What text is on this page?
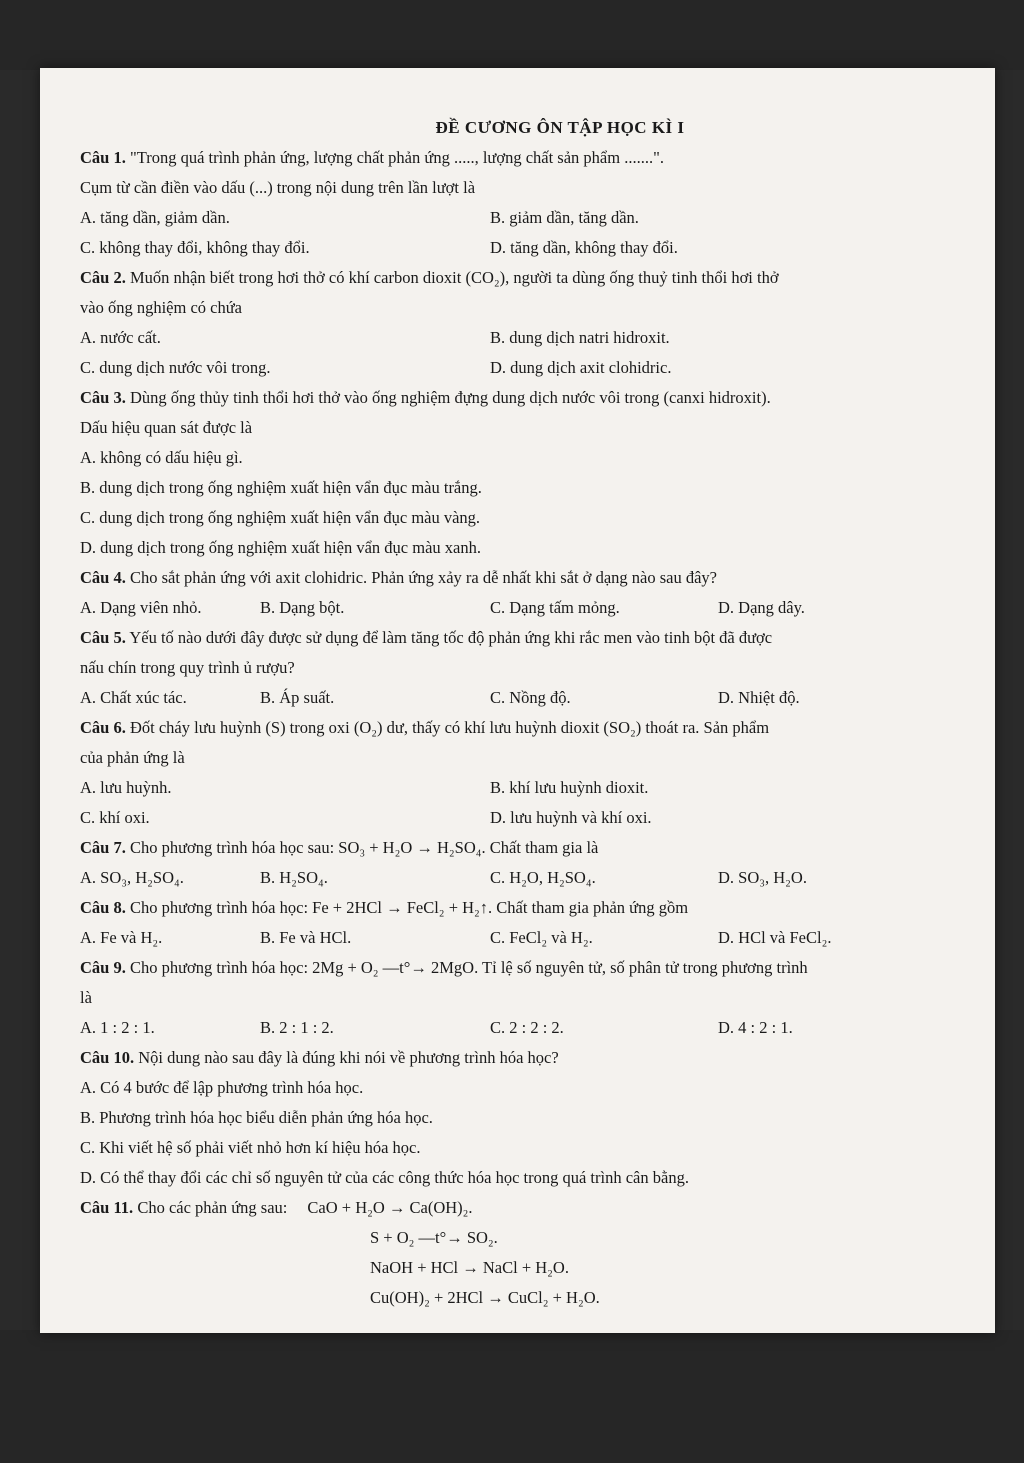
ĐỀ CƯƠNG ÔN TẬP HỌC KÌ I
Câu 1. "Trong quá trình phản ứng, lượng chất phản ứng ....., lượng chất sản phẩm .......".
Cụm từ cần điền vào dấu (...) trong nội dung trên lần lượt là
A. tăng dần, giảm dần.	B. giảm dần, tăng dần.
C. không thay đổi, không thay đổi.	D. tăng dần, không thay đổi.
Câu 2. Muốn nhận biết trong hơi thở có khí carbon dioxit (CO₂), người ta dùng ống thuỷ tinh thổi hơi thở
vào ống nghiệm có chứa
A. nước cất.	B. dung dịch natri hidroxit.
C. dung dịch nước vôi trong.	D. dung dịch axit clohidric.
Câu 3. Dùng ống thủy tinh thổi hơi thở vào ống nghiệm đựng dung dịch nước vôi trong (canxi hidroxit).
Dấu hiệu quan sát được là
A. không có dấu hiệu gì.
B. dung dịch trong ống nghiệm xuất hiện vẩn đục màu trắng.
C. dung dịch trong ống nghiệm xuất hiện vẩn đục màu vàng.
D. dung dịch trong ống nghiệm xuất hiện vẩn đục màu xanh.
Câu 4. Cho sắt phản ứng với axit clohidric. Phản ứng xảy ra dễ nhất khi sắt ở dạng nào sau đây?
A. Dạng viên nhỏ.	B. Dạng bột.	C. Dạng tấm mỏng.	D. Dạng dây.
Câu 5. Yếu tố nào dưới đây được sử dụng để làm tăng tốc độ phản ứng khi rắc men vào tinh bột đã được
nấu chín trong quy trình ủ rượu?
A. Chất xúc tác.	B. Áp suất.	C. Nồng độ.	D. Nhiệt độ.
Câu 6. Đốt cháy lưu huỳnh (S) trong oxi (O₂) dư, thấy có khí lưu huỳnh dioxit (SO₂) thoát ra. Sản phẩm
của phản ứng là
A. lưu huỳnh.	B. khí lưu huỳnh dioxit.
C. khí oxi.	D. lưu huỳnh và khí oxi.
Câu 7. Cho phương trình hóa học sau: SO₃ + H₂O → H₂SO₄. Chất tham gia là
A. SO₃, H₂SO₄.	B. H₂SO₄.	C. H₂O, H₂SO₄.	D. SO₃, H₂O.
Câu 8. Cho phương trình hóa học: Fe + 2HCl → FeCl₂ + H₂↑. Chất tham gia phản ứng gồm
A. Fe và H₂.	B. Fe và HCl.	C. FeCl₂ và H₂.	D. HCl và FeCl₂.
Câu 9. Cho phương trình hóa học: 2Mg + O₂ —t°→ 2MgO. Tỉ lệ số nguyên tử, số phân tử trong phương trình
là
A. 1 : 2 : 1.	B. 2 : 1 : 2.	C. 2 : 2 : 2.	D. 4 : 2 : 1.
Câu 10. Nội dung nào sau đây là đúng khi nói về phương trình hóa học?
A. Có 4 bước để lập phương trình hóa học.
B. Phương trình hóa học biểu diễn phản ứng hóa học.
C. Khi viết hệ số phải viết nhỏ hơn kí hiệu hóa học.
D. Có thể thay đổi các chỉ số nguyên tử của các công thức hóa học trong quá trình cân bằng.
Câu 11. Cho các phản ứng sau: CaO + H₂O → Ca(OH)₂.
S + O₂ —t°→ SO₂.
NaOH + HCl → NaCl + H₂O.
Cu(OH)₂ + 2HCl → CuCl₂ + H₂O.
